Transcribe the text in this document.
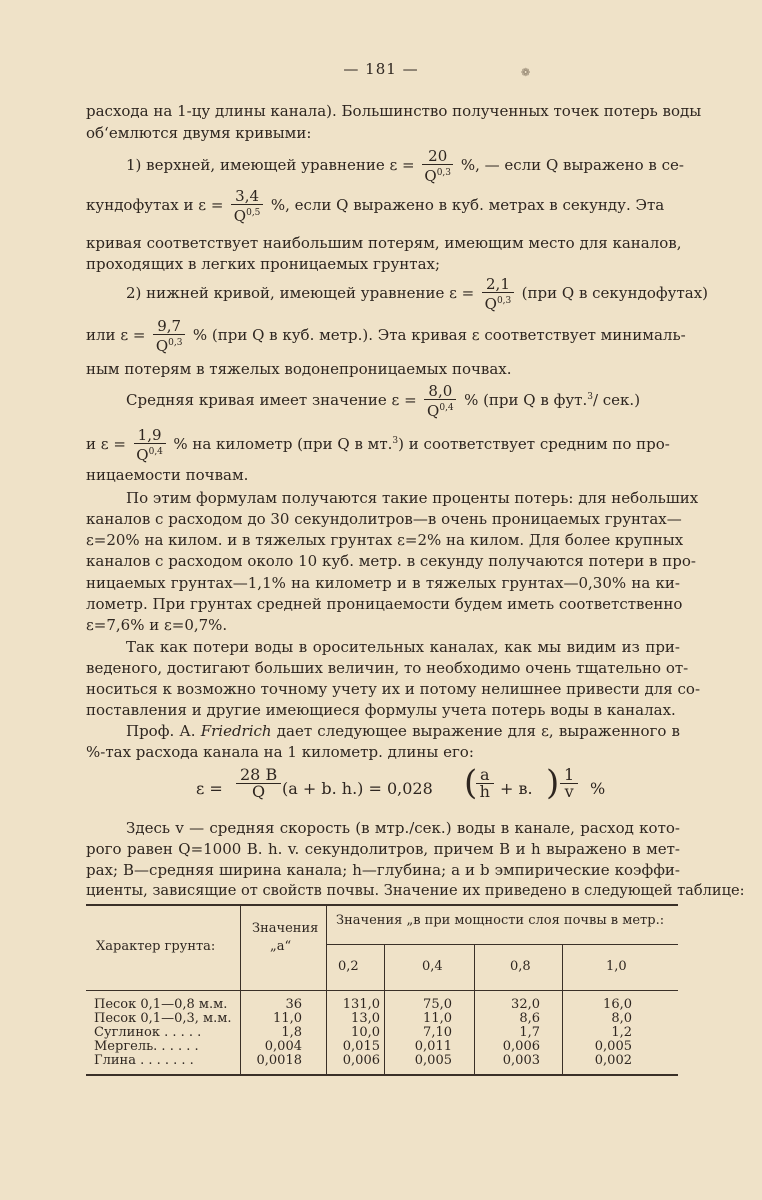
— 181 —	❁
расхода на 1-цу длины канала). Большинство полученных точек потерь воды
об‘емлются двумя кривыми:
1) верхней, имеющей уравнение $\varepsilon = \frac{20}{Q^{0,3}}$ %, — если Q выражено в се-
кундофутах и $\varepsilon = \frac{3,4}{Q^{0,5}}$ %, если Q выражено в куб. метрах в секунду. Эта
кривая соответствует наибольшим потерям, имеющим место для каналов,
проходящих в легких проницаемых грунтах;
2) нижней кривой, имеющей уравнение $\varepsilon = \frac{2,1}{Q^{0,3}} (при$ Q в секундофутах)
или $\varepsilon = \frac{9,7}{Q^{0,3}}$ % (при Q в куб. метр.). Эта кривая ε соответствует минималь-
ным потерям в тяжелых водонепроницаемых почвах.
Средняя кривая имеет значение $\varepsilon = \frac{8,0}{Q^{0,4}}$ % (при Q в фут.$^3$/ сек.)
и $\varepsilon = \frac{1,9}{Q^{0,4}}$ % на километр (при Q в мт.$^3$) и соответствует средним по про-
ницаемости почвам.
По этим формулам получаются такие проценты потерь: для небольших
каналов с расходом до 30 секундолитров—в очень проницаемых грунтах—
ε=20% на килом. и в тяжелых грунтах ε=2% на килом. Для более крупных
каналов с расходом около 10 куб. метр. в секунду получаются потери в про-
ницаемых грунтах—1,1% на километр и в тяжелых грунтах—0,30% на ки-
лометр. При грунтах средней проницаемости будем иметь соответственно
ε=7,6% и ε=0,7%.
Так как потери воды в оросительных каналах, как мы видим из при-
веденого, достигают больших величин, то необходимо очень тщательно от-
носиться к возможно точному учету их и потому нелишнее привести для со-
поставления и другие имеющиеся формулы учета потерь воды в каналах.
Проф. А. Friedrich дает следующее выражение для ε, выраженного в
%-тах расхода канала на 1 километр. длины его:
$\varepsilon = \frac{28 B}{Q} (a + b$. h.) = 0,028 (
$\frac{a}{h} + в$. ) $\frac{1}{v}$ %
Здесь v — средняя скорость (в мтр./сек.) воды в канале, расход кото-
рого равен Q=1000 B. h. v. секундолитров, причем B и h выражено в мет-
рах; B—средняя ширина канала; h—глубина; a и b эмпирические коэффи-
циенты, зависящие от свойств почвы. Значение их приведено в следующей таблице:
Характер грунта:
Значения
„a“
Значения „в при мощности слоя почвы в метр.:
0,2	0,4	0,8	1,0
Песок 0,1—0,8 м.м.	36	131,0	75,0	32,0	16,0
Песок 0,1—0,3, м.м.	11,0	13,0	11,0	8,6	8,0
Суглинок . . . . .	1,8	10,0	7,10	1,7	1,2
Мергель. . . . . .	0,004	0,015	0,011	0,006	0,005
Глина . . . . . . .	0,0018	0,006	0,005	0,003	0,002
